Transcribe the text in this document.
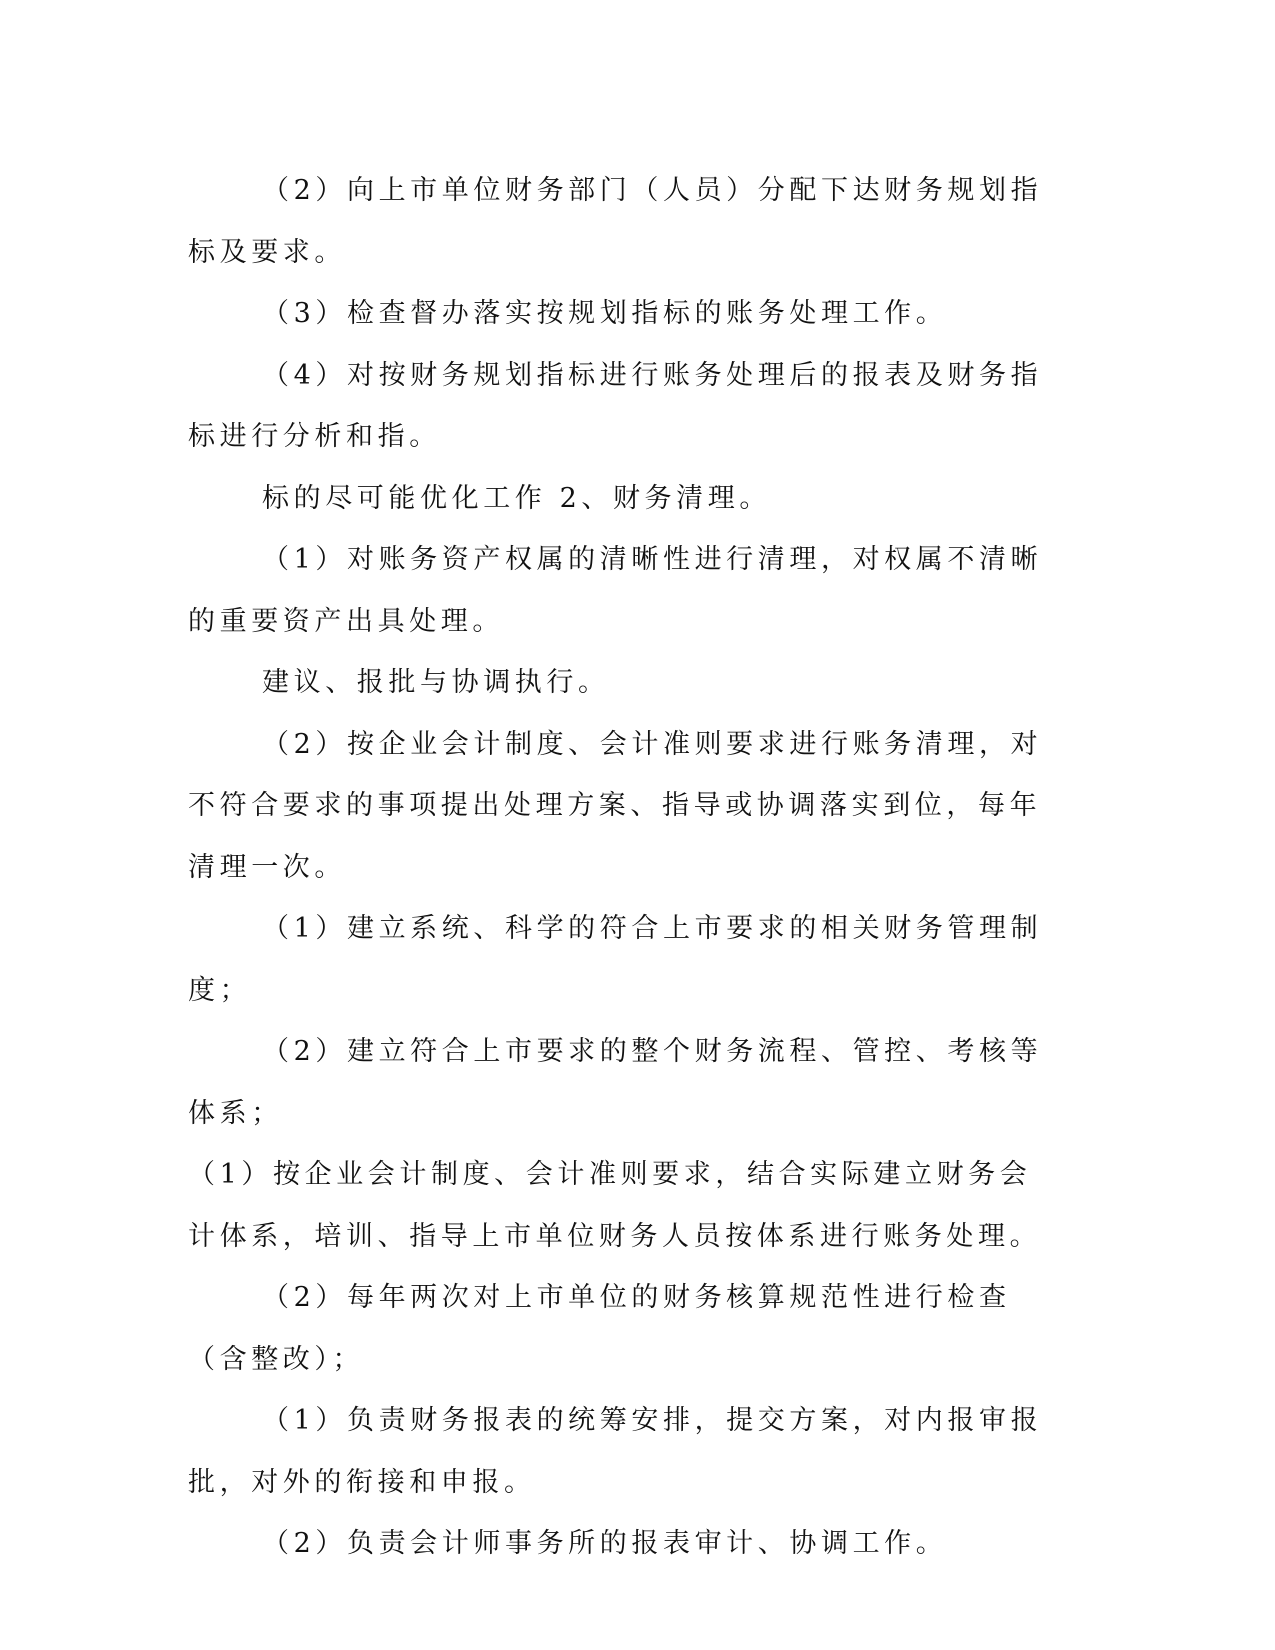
（2）向上市单位财务部门（人员）分配下达财务规划指标及要求。

（3）检查督办落实按规划指标的账务处理工作。

（4）对按财务规划指标进行账务处理后的报表及财务指标进行分析和指。

标的尽可能优化工作 2、财务清理。

（1）对账务资产权属的清晰性进行清理，对权属不清晰的重要资产出具处理。

建议、报批与协调执行。

（2）按企业会计制度、会计准则要求进行账务清理，对不符合要求的事项提出处理方案、指导或协调落实到位，每年清理一次。

（1）建立系统、科学的符合上市要求的相关财务管理制度；

（2）建立符合上市要求的整个财务流程、管控、考核等体系；

（1）按企业会计制度、会计准则要求，结合实际建立财务会计体系，培训、指导上市单位财务人员按体系进行账务处理。

（2）每年两次对上市单位的财务核算规范性进行检查（含整改）；

（1）负责财务报表的统筹安排，提交方案，对内报审报批，对外的衔接和申报。

（2）负责会计师事务所的报表审计、协调工作。
